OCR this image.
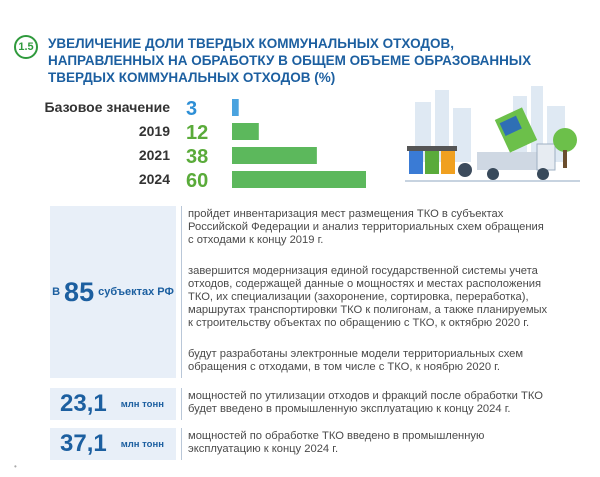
1.5	УВЕЛИЧЕНИЕ ДОЛИ ТВЕРДЫХ КОММУНАЛЬНЫХ ОТХОДОВ,
НАПРАВЛЕННЫХ НА ОБРАБОТКУ В ОБЩЕМ ОБЪЕМЕ ОБРАЗОВАННЫХ
ТВЕРДЫХ КОММУНАЛЬНЫХ ОТХОДОВ (%)
Базовое значение 3
2019 12
2021 38
2024 60
В 85 субъектах РФ
пройдет инвентаризация мест размещения ТКО в субъектах
Российской Федерации и анализ территориальных схем обращения
с отходами к концу 2019 г.
завершится модернизация единой государственной системы учета
отходов, содержащей данные о мощностях и местах расположения
ТКО, их специализации (захоронение, сортировка, переработка),
маршрутах транспортировки ТКО к полигонам, а также планируемых
к строительству объектах по обращению с ТКО, к октябрю 2020 г.
будут разработаны электронные модели территориальных схем
обращения с отходами, в том числе с ТКО, к ноябрю 2020 г.
23,1 млн тонн
мощностей по утилизации отходов и фракций после обработки ТКО
будет введено в промышленную эксплуатацию к концу 2024 г.
37,1 млн тонн
мощностей по обработке ТКО введено в промышленную
эксплуатацию к концу 2024 г.
•
